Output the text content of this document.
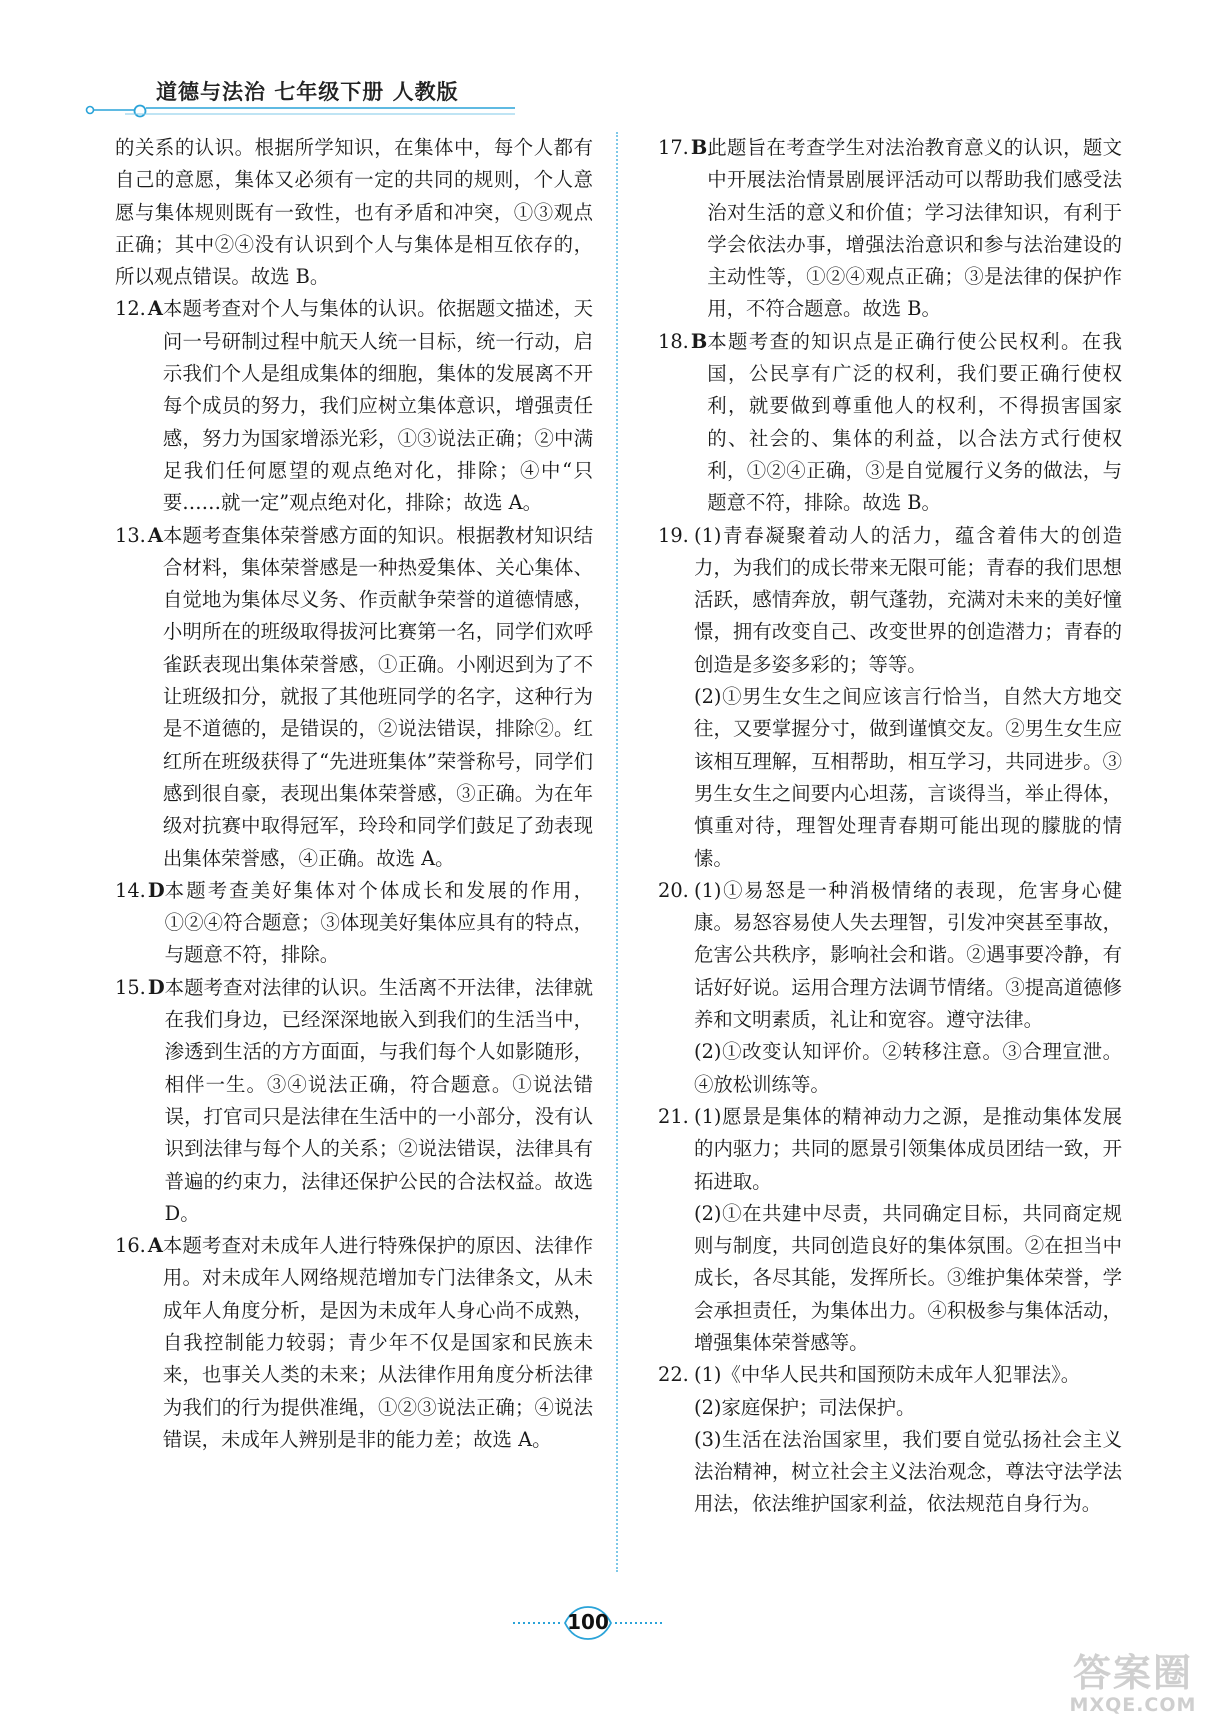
道德与法治 七年级下册 人教版

的关系的认识。根据所学知识，在集体中，每个人都有自己的意愿，集体又必须有一定的共同的规则，个人意愿与集体规则既有一致性，也有矛盾和冲突，①③观点正确；其中②④没有认识到个人与集体是相互依存的，所以观点错误。故选 B。

12. A 本题考查对个人与集体的认识。依据题文描述，天问一号研制过程中航天人统一目标，统一行动，启示我们个人是组成集体的细胞，集体的发展离不开每个成员的努力，我们应树立集体意识，增强责任感，努力为国家增添光彩，①③说法正确；②中满足我们任何愿望的观点绝对化，排除；④中“只要……就一定”观点绝对化，排除；故选 A。

13. A 本题考查集体荣誉感方面的知识。根据教材知识结合材料，集体荣誉感是一种热爱集体、关心集体、自觉地为集体尽义务、作贡献争荣誉的道德情感，小明所在的班级取得拔河比赛第一名，同学们欢呼雀跃表现出集体荣誉感，①正确。小刚迟到为了不让班级扣分，就报了其他班同学的名字，这种行为是不道德的，是错误的，②说法错误，排除②。红红所在班级获得了“先进班集体”荣誉称号，同学们感到很自豪，表现出集体荣誉感，③正确。为在年级对抗赛中取得冠军，玲玲和同学们鼓足了劲表现出集体荣誉感，④正确。故选 A。

14. D 本题考查美好集体对个体成长和发展的作用，①②④符合题意；③体现美好集体应具有的特点，与题意不符，排除。

15. D 本题考查对法律的认识。生活离不开法律，法律就在我们身边，已经深深地嵌入到我们的生活当中，渗透到生活的方方面面，与我们每个人如影随形，相伴一生。③④说法正确，符合题意。①说法错误，打官司只是法律在生活中的一小部分，没有认识到法律与每个人的关系；②说法错误，法律具有普遍的约束力，法律还保护公民的合法权益。故选 D。

16. A 本题考查对未成年人进行特殊保护的原因、法律作用。对未成年人网络规范增加专门法律条文，从未成年人角度分析，是因为未成年人身心尚不成熟，自我控制能力较弱；青少年不仅是国家和民族未来，也事关人类的未来；从法律作用角度分析法律为我们的行为提供准绳，①②③说法正确；④说法错误，未成年人辨别是非的能力差；故选 A。

17. B 此题旨在考查学生对法治教育意义的认识，题文中开展法治情景剧展评活动可以帮助我们感受法治对生活的意义和价值；学习法律知识，有利于学会依法办事，增强法治意识和参与法治建设的主动性等，①②④观点正确；③是法律的保护作用，不符合题意。故选 B。

18. B 本题考查的知识点是正确行使公民权利。在我国，公民享有广泛的权利，我们要正确行使权利，就要做到尊重他人的权利，不得损害国家的、社会的、集体的利益，以合法方式行使权利，①②④正确，③是自觉履行义务的做法，与题意不符，排除。故选 B。

19. (1)青春凝聚着动人的活力，蕴含着伟大的创造力，为我们的成长带来无限可能；青春的我们思想活跃，感情奔放，朝气蓬勃，充满对未来的美好憧憬，拥有改变自己、改变世界的创造潜力；青春的创造是多姿多彩的；等等。

(2)①男生女生之间应该言行恰当，自然大方地交往，又要掌握分寸，做到谨慎交友。②男生女生应该相互理解，互相帮助，相互学习，共同进步。③男生女生之间要内心坦荡，言谈得当，举止得体，慎重对待，理智处理青春期可能出现的朦胧的情愫。

20. (1)①易怒是一种消极情绪的表现，危害身心健康。易怒容易使人失去理智，引发冲突甚至事故，危害公共秩序，影响社会和谐。②遇事要冷静，有话好好说。运用合理方法调节情绪。③提高道德修养和文明素质，礼让和宽容。遵守法律。

(2)①改变认知评价。②转移注意。③合理宣泄。④放松训练等。

21. (1)愿景是集体的精神动力之源，是推动集体发展的内驱力；共同的愿景引领集体成员团结一致，开拓进取。

(2)①在共建中尽责，共同确定目标，共同商定规则与制度，共同创造良好的集体氛围。②在担当中成长，各尽其能，发挥所长。③维护集体荣誉，学会承担责任，为集体出力。④积极参与集体活动，增强集体荣誉感等。

22. (1)《中华人民共和国预防未成年人犯罪法》。

(2)家庭保护；司法保护。

(3)生活在法治国家里，我们要自觉弘扬社会主义法治精神，树立社会主义法治观念，尊法守法学法用法，依法维护国家利益，依法规范自身行为。

100
答案圈
MXQE.COM
